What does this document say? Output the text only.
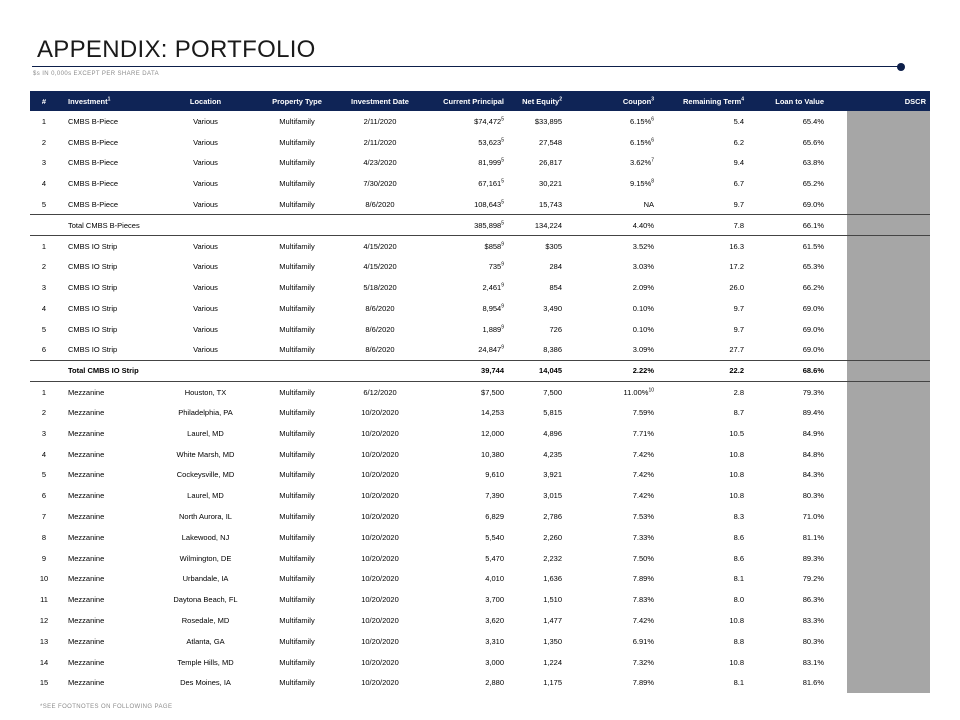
APPENDIX: PORTFOLIO
$s IN 0,000s EXCEPT PER SHARE DATA
#	Investment$^1$	Location	Property Type	Investment Date	Current Principal	Net Equity$^2$	Coupon$^3$	Remaining Term$^4$	Loan to Value	DSCR
1	CMBS B-Piece	Various	Multifamily	2/11/2020	$74,472$^5$	$33,895	6.15%$^6$	5.4	65.4%	
2	CMBS B-Piece	Various	Multifamily	2/11/2020	53,623$^5$	27,548	6.15%$^6$	6.2	65.6%	
3	CMBS B-Piece	Various	Multifamily	4/23/2020	81,999$^5$	26,817	3.62%$^7$	9.4	63.8%	
4	CMBS B-Piece	Various	Multifamily	7/30/2020	67,161$^5$	30,221	9.15%$^8$	6.7	65.2%	
5	CMBS B-Piece	Various	Multifamily	8/6/2020	108,643$^5$	15,743	NA	9.7	69.0%	
	Total CMBS B-Pieces				385,898$^5$	134,224	4.40%	7.8	66.1%	
1	CMBS IO Strip	Various	Multifamily	4/15/2020	$\$858^9$	$305	3.52%	16.3	61.5%	
2	CMBS IO Strip	Various	Multifamily	4/15/2020	$735^9$	284	3.03%	17.2	65.3%	
3	CMBS IO Strip	Various	Multifamily	5/18/2020	2,461$^9$	854	2.09%	26.0	66.2%	
4	CMBS IO Strip	Various	Multifamily	8/6/2020	8,954$^9$	3,490	0.10%	9.7	69.0%	
5	CMBS IO Strip	Various	Multifamily	8/6/2020	1,889$^9$	726	0.10%	9.7	69.0%	
6	CMBS IO Strip	Various	Multifamily	8/6/2020	24,847$^9$	8,386	3.09%	27.7	69.0%	
	Total CMBS IO Strip				39,744	14,045	2.22%	22.2	68.6%	
1	Mezzanine	Houston, TX	Multifamily	6/12/2020	$7,500	7,500	11.00%$^{10}$	2.8	79.3%	
2	Mezzanine	Philadelphia, PA	Multifamily	10/20/2020	14,253	5,815	7.59%	8.7	89.4%	
3	Mezzanine	Laurel, MD	Multifamily	10/20/2020	12,000	4,896	7.71%	10.5	84.9%	
4	Mezzanine	White Marsh, MD	Multifamily	10/20/2020	10,380	4,235	7.42%	10.8	84.8%	
5	Mezzanine	Cockeysville, MD	Multifamily	10/20/2020	9,610	3,921	7.42%	10.8	84.3%	
6	Mezzanine	Laurel, MD	Multifamily	10/20/2020	7,390	3,015	7.42%	10.8	80.3%	
7	Mezzanine	North Aurora, IL	Multifamily	10/20/2020	6,829	2,786	7.53%	8.3	71.0%	
8	Mezzanine	Lakewood, NJ	Multifamily	10/20/2020	5,540	2,260	7.33%	8.6	81.1%	
9	Mezzanine	Wilmington, DE	Multifamily	10/20/2020	5,470	2,232	7.50%	8.6	89.3%	
10	Mezzanine	Urbandale, IA	Multifamily	10/20/2020	4,010	1,636	7.89%	8.1	79.2%	
11	Mezzanine	Daytona Beach, FL	Multifamily	10/20/2020	3,700	1,510	7.83%	8.0	86.3%	
12	Mezzanine	Rosedale, MD	Multifamily	10/20/2020	3,620	1,477	7.42%	10.8	83.3%	
13	Mezzanine	Atlanta, GA	Multifamily	10/20/2020	3,310	1,350	6.91%	8.8	80.3%	
14	Mezzanine	Temple Hills, MD	Multifamily	10/20/2020	3,000	1,224	7.32%	10.8	83.1%	
15	Mezzanine	Des Moines, IA	Multifamily	10/20/2020	2,880	1,175	7.89%	8.1	81.6%	
*SEE FOOTNOTES ON FOLLOWING PAGE
